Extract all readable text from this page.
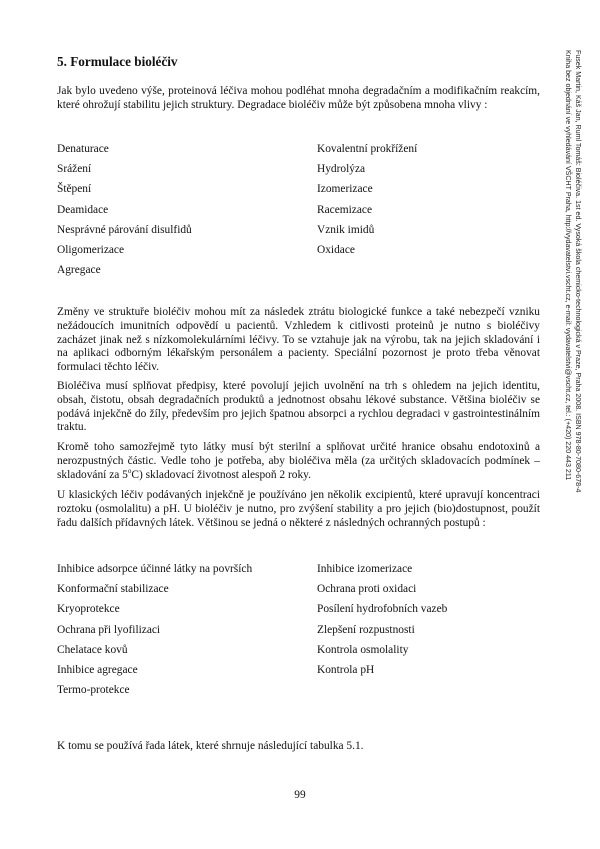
5. Formulace bioléčiv

Jak bylo uvedeno výše, proteinová léčiva mohou podléhat mnoha degradačním a modifikačním reakcím, které ohrožují stabilitu jejich struktury. Degradace bioléčiv může být způsobena mnoha vlivy :

Denaturace	Kovalentní prokřížení
Srážení	Hydrolýza
Štěpení	Izomerizace
Deamidace	Racemizace
Nesprávné párování disulfidů	Vznik imidů
Oligomerizace	Oxidace
Agregace

Změny ve struktuře bioléčiv mohou mít za následek ztrátu biologické funkce a také nebezpečí vzniku nežádoucích imunitních odpovědí u pacientů. Vzhledem k citlivosti proteinů je nutno s bioléčivy zacházet jinak než s nízkomolekulárními léčivy. To se vztahuje jak na výrobu, tak na jejich skladování i na aplikaci odborným lékařským personálem a pacienty. Speciální pozornost je proto třeba věnovat formulaci těchto léčiv.

Bioléčiva musí splňovat předpisy, které povolují jejich uvolnění na trh s ohledem na jejich identitu, obsah, čistotu, obsah degradačních produktů a jednotnost obsahu lékové substance. Většina bioléčiv se podává injekčně do žíly, především pro jejich špatnou absorpci a rychlou degradaci v gastrointestinálním traktu.

Kromě toho samozřejmě tyto látky musí být sterilní a splňovat určité hranice obsahu endotoxinů a nerozpustných částic. Vedle toho je potřeba, aby bioléčiva měla (za určitých skladovacích podmínek – skladování za 5$^o$C) skladovací životnost alespoň 2 roky.

U klasických léčiv podávaných injekčně je používáno jen několik excipientů, které upravují koncentraci roztoku (osmolalitu) a pH. U bioléčiv je nutno, pro zvýšení stability a pro jejich (bio)dostupnost, použít řadu dalších přídavných látek. Většinou se jedná o některé z následných ochranných postupů :

Inhibice adsorpce účinné látky na površích	Inhibice izomerizace
Konformační stabilizace	Ochrana proti oxidaci
Kryoprotekce	Posílení hydrofobních vazeb
Ochrana při lyofilizaci	Zlepšení rozpustnosti
Chelatace kovů	Kontrola osmolality
Inhibice agregace	Kontrola pH
Termo-protekce

K tomu se používá řada látek, které shrnuje následující tabulka 5.1.

99
Fusek Martin, Káš Jan, Ruml Tomáš: Bioléčiva. 1st ed. Vysoká škola chemicko-technologická v Praze, Praha 2008. ISBN 978-80-7080-678-4
Kniha bez objednání ve vyhledávání VŠCHT Praha, http://vydavatelstvi.vscht.cz, e-mail: vydavatelstvi@vscht.cz, tel.: (+420) 220 443 211
